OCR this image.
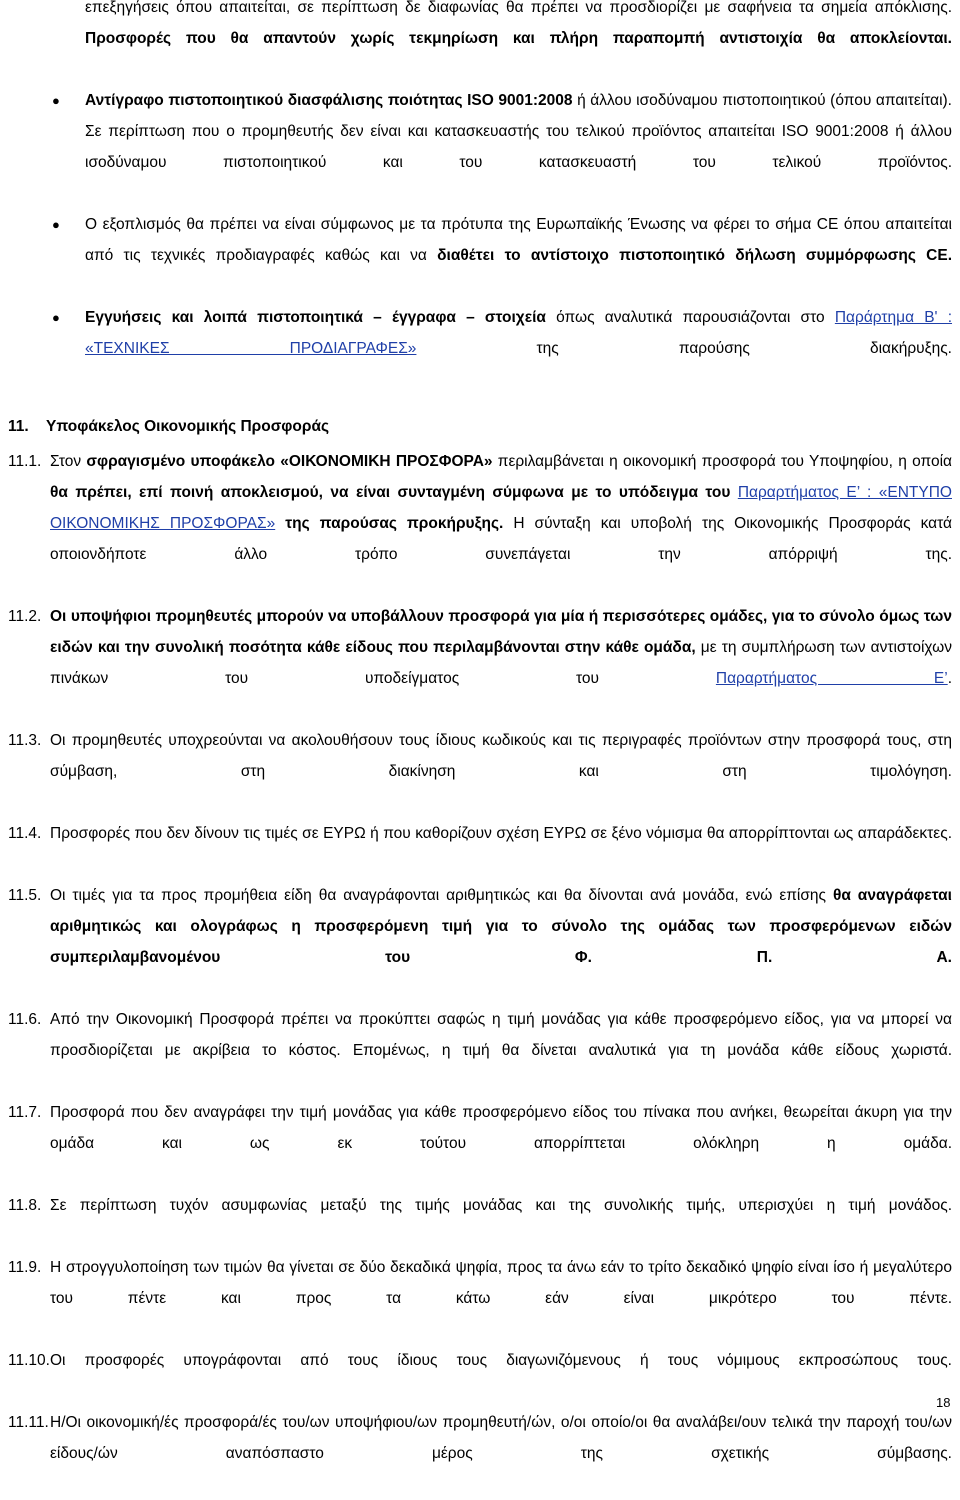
επεξηγήσεις όπου απαιτείται, σε περίπτωση δε διαφωνίας θα πρέπει να προσδιορίζει με σαφήνεια τα σημεία απόκλισης. Προσφορές που θα απαντούν χωρίς τεκμηρίωση και πλήρη παραπομπή αντιστοιχία θα αποκλείονται.
● Αντίγραφο πιστοποιητικού διασφάλισης ποιότητας ISO 9001:2008 ή άλλου ισοδύναμου πιστοποιητικού (όπου απαιτείται). Σε περίπτωση που ο προμηθευτής δεν είναι και κατασκευαστής του τελικού προϊόντος απαιτείται ISO 9001:2008 ή άλλου ισοδύναμου πιστοποιητικού και του κατασκευαστή του τελικού προϊόντος.
● Ο εξοπλισμός θα πρέπει να είναι σύμφωνος με τα πρότυπα της Ευρωπαϊκής Ένωσης να φέρει το σήμα CE όπου απαιτείται από τις τεχνικές προδιαγραφές καθώς και να διαθέτει το αντίστοιχο πιστοποιητικό δήλωση συμμόρφωσης CE.
● Εγγυήσεις και λοιπά πιστοποιητικά – έγγραφα – στοιχεία όπως αναλυτικά παρουσιάζονται στο Παράρτημα Β' : «ΤΕΧΝΙΚΕΣ ΠΡΟΔΙΑΓΡΑΦΕΣ»	της παρούσης διακήρυξης.
11. Υποφάκελος Οικονομικής Προσφοράς
11.1. Στον σφραγισμένο υποφάκελο «ΟΙΚΟΝΟΜΙΚΗ ΠΡΟΣΦΟΡΑ» περιλαμβάνεται η οικονομική προσφορά του Υποψηφίου, η οποία θα πρέπει, επί ποινή αποκλεισμού, να είναι συνταγμένη σύμφωνα με το υπόδειγμα του Παραρτήματος Ε’ : «ΕΝΤΥΠΟ ΟΙΚΟΝΟΜΙΚΗΣ ΠΡΟΣΦΟΡΑΣ» της παρούσας προκήρυξης. Η σύνταξη και υποβολή της Οικονομικής Προσφοράς κατά οποιονδήποτε άλλο τρόπο συνεπάγεται την απόρριψή της.
11.2. Οι υποψήφιοι προμηθευτές μπορούν να υποβάλλουν προσφορά για μία ή περισσότερες ομάδες, για το σύνολο όμως των ειδών και την συνολική ποσότητα κάθε είδους που περιλαμβάνονται στην κάθε ομάδα, με τη συμπλήρωση των αντιστοίχων πινάκων του υποδείγματος του	Παραρτήματος Ε’.
11.3. Οι προμηθευτές υποχρεούνται να ακολουθήσουν τους ίδιους κωδικούς και τις περιγραφές προϊόντων στην προσφορά τους, στη σύμβαση, στη διακίνηση και στη τιμολόγηση.
11.4. Προσφορές που δεν δίνουν τις τιμές σε ΕΥΡΩ ή που καθορίζουν σχέση ΕΥΡΩ σε ξένο νόμισμα θα απορρίπτονται ως απαράδεκτες.
11.5. Οι τιμές για τα προς προμήθεια είδη θα αναγράφονται αριθμητικώς και θα δίνονται ανά μονάδα, ενώ επίσης θα αναγράφεται αριθμητικώς και ολογράφως η προσφερόμενη τιμή για το σύνολο της ομάδας των προσφερόμενων ειδών συμπεριλαμβανομένου του Φ. Π. Α.
11.6. Από την Οικονομική Προσφορά πρέπει να προκύπτει σαφώς η τιμή μονάδας για κάθε προσφερόμενο είδος, για να μπορεί να προσδιορίζεται με ακρίβεια το κόστος. Επομένως, η τιμή θα δίνεται αναλυτικά για τη μονάδα κάθε είδους χωριστά.
11.7. Προσφορά που δεν αναγράφει την τιμή μονάδας για κάθε προσφερόμενο είδος του πίνακα που ανήκει, θεωρείται άκυρη για την ομάδα και ως εκ τούτου απορρίπτεται ολόκληρη η ομάδα.
11.8. Σε περίπτωση τυχόν ασυμφωνίας μεταξύ της τιμής μονάδας και της συνολικής τιμής, υπερισχύει η τιμή μονάδος.
11.9. Η στρογγυλοποίηση των τιμών θα γίνεται σε δύο δεκαδικά ψηφία, πρoς τα άνω εάν το τρίτο δεκαδικό ψηφίο είναι ίσο ή μεγαλύτερο του πέντε και πρoς τα κάτω εάν είναι μικρότερο του πέντε.
11.10. Οι προσφορές υπογράφονται από τους ίδιους τους διαγωνιζόμενους ή τους νόμιμους εκπροσώπους τους.
11.11. Η/Οι οικονομική/ές προσφορά/ές του/ων υποψήφιου/ων προμηθευτή/ών, ο/οι οποίο/οι θα αναλάβει/ουν τελικά την παροχή του/ων είδους/ών αναπόσπαστο μέρος της σχετικής σύμβασης.
18
